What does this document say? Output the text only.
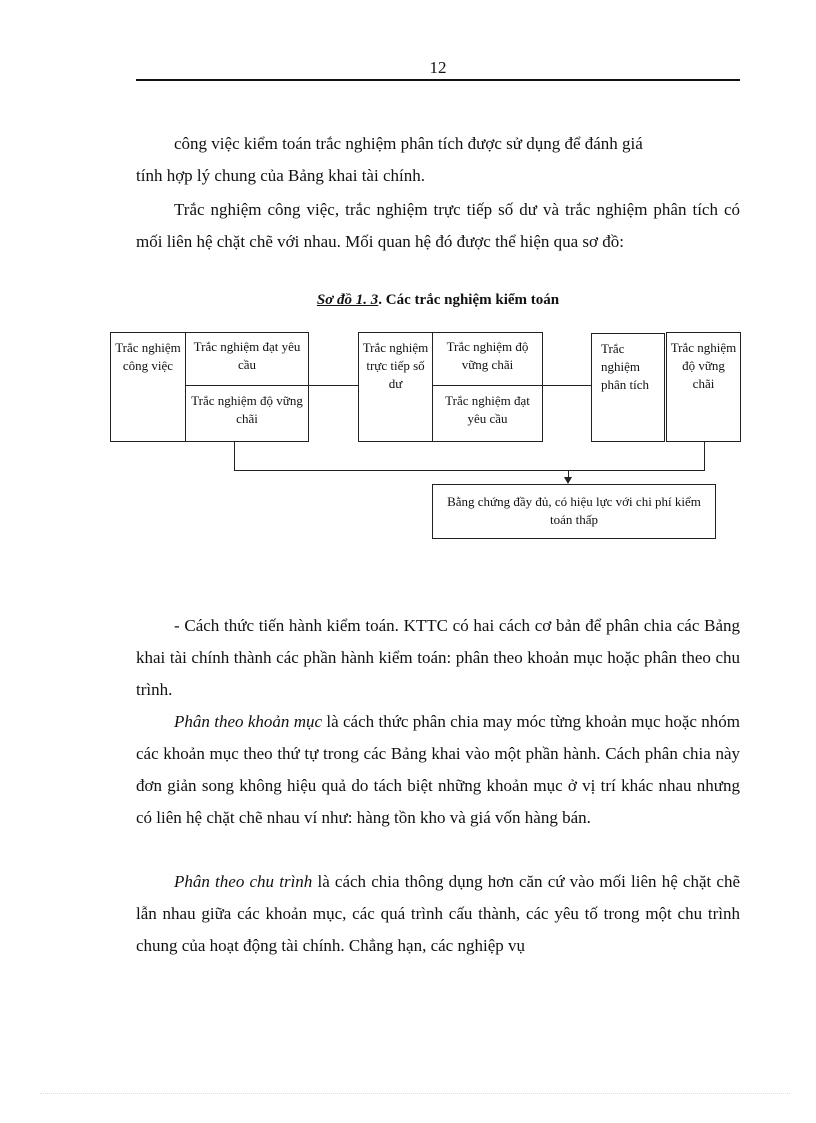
12

công việc kiểm toán trắc nghiệm phân tích được sử dụng để đánh giá

tính hợp lý chung của Bảng khai tài chính.

Trắc nghiệm công việc, trắc nghiệm trực tiếp số dư và trắc nghiệm phân tích có mối liên hệ chặt chẽ với nhau. Mối quan hệ đó được thể hiện qua sơ đồ:

Sơ đồ 1. 3. Các trắc nghiệm kiểm toán
Trắc nghiệm công việc
Trắc nghiệm đạt yêu cầu
Trắc nghiệm độ vững chãi
Trắc nghiệm trực tiếp số dư
Trắc nghiệm độ vững chãi
Trắc nghiệm đạt yêu cầu
Trắc nghiệm phân tích
Trắc nghiệm độ vững chãi
Bằng chứng đầy đủ, có hiệu lực với chi phí kiểm toán thấp

- Cách thức tiến hành kiểm toán. KTTC có hai cách cơ bản để phân chia các Bảng khai tài chính thành các phần hành kiểm toán: phân theo khoản mục hoặc phân theo chu trình.

Phân theo khoản mục là cách thức phân chia may móc từng khoản mục hoặc nhóm các khoản mục theo thứ tự trong các Bảng khai vào một phần hành. Cách phân chia này đơn giản song không hiệu quả do tách biệt những khoản mục ở vị trí khác nhau nhưng có liên hệ chặt chẽ nhau ví như: hàng tồn kho và giá vốn hàng bán.

Phân theo chu trình là cách chia thông dụng hơn căn cứ vào mối liên hệ chặt chẽ lẫn nhau giữa các khoản mục, các quá trình cấu thành, các yêu tố trong một chu trình chung của hoạt động tài chính. Chẳng hạn, các nghiệp vụ
